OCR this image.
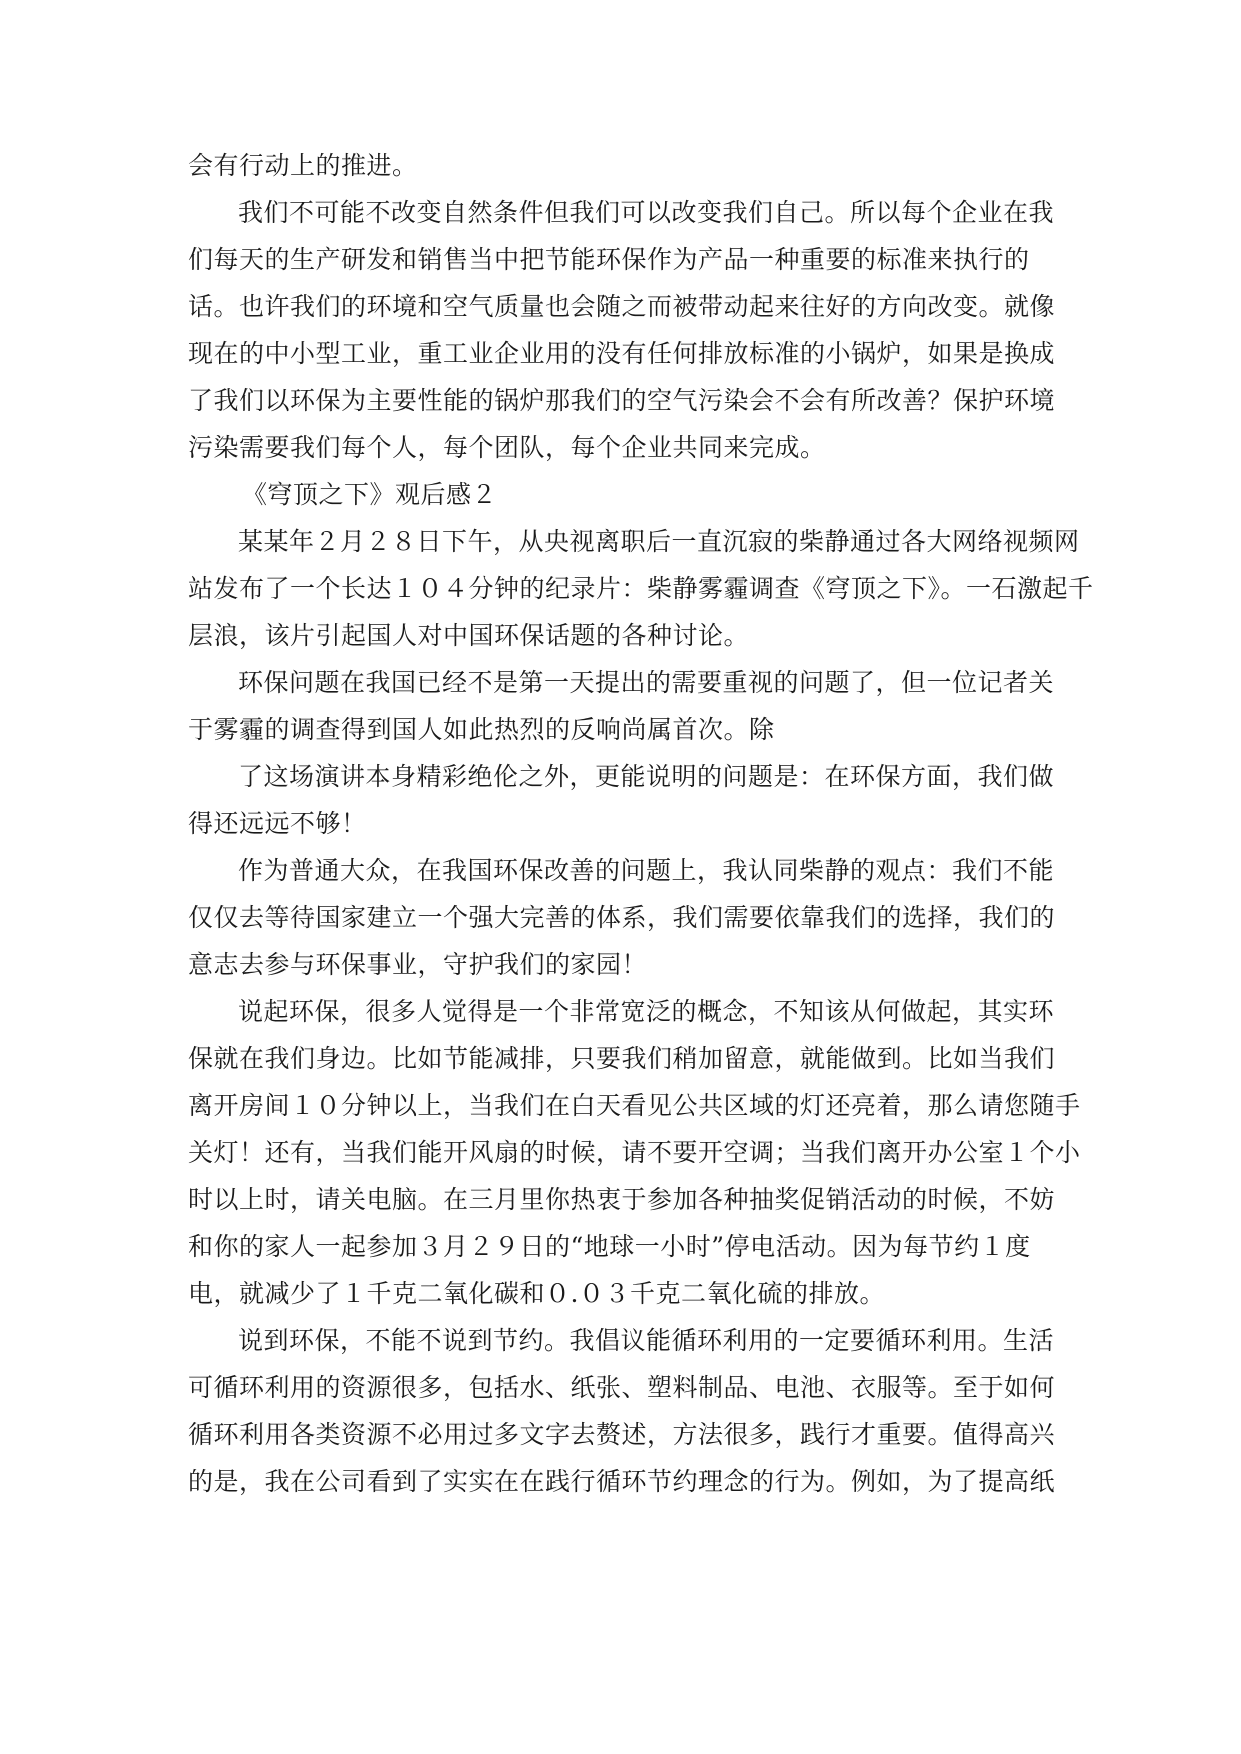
会有行动上的推进。
我们不可能不改变自然条件但我们可以改变我们自己。所以每个企业在我
们每天的生产研发和销售当中把节能环保作为产品一种重要的标准来执行的
话。也许我们的环境和空气质量也会随之而被带动起来往好的方向改变。就像
现在的中小型工业，重工业企业用的没有任何排放标准的小锅炉，如果是换成
了我们以环保为主要性能的锅炉那我们的空气污染会不会有所改善？保护环境
污染需要我们每个人，每个团队，每个企业共同来完成。
《穹顶之下》观后感２
某某年２月２８日下午，从央视离职后一直沉寂的柴静通过各大网络视频网
站发布了一个长达１０４分钟的纪录片：柴静雾霾调查《穹顶之下》。一石激起千
层浪，该片引起国人对中国环保话题的各种讨论。
环保问题在我国已经不是第一天提出的需要重视的问题了，但一位记者关
于雾霾的调查得到国人如此热烈的反响尚属首次。除
了这场演讲本身精彩绝伦之外，更能说明的问题是：在环保方面，我们做
得还远远不够！
作为普通大众，在我国环保改善的问题上，我认同柴静的观点：我们不能
仅仅去等待国家建立一个强大完善的体系，我们需要依靠我们的选择，我们的
意志去参与环保事业，守护我们的家园！
说起环保，很多人觉得是一个非常宽泛的概念，不知该从何做起，其实环
保就在我们身边。比如节能减排，只要我们稍加留意，就能做到。比如当我们
离开房间１０分钟以上，当我们在白天看见公共区域的灯还亮着，那么请您随手
关灯！还有，当我们能开风扇的时候，请不要开空调；当我们离开办公室１个小
时以上时，请关电脑。在三月里你热衷于参加各种抽奖促销活动的时候，不妨
和你的家人一起参加３月２９日的“地球一小时”停电活动。因为每节约１度
电，就减少了１千克二氧化碳和０.０３千克二氧化硫的排放。
说到环保，不能不说到节约。我倡议能循环利用的一定要循环利用。生活
可循环利用的资源很多，包括水、纸张、塑料制品、电池、衣服等。至于如何
循环利用各类资源不必用过多文字去赘述，方法很多，践行才重要。值得高兴
的是，我在公司看到了实实在在践行循环节约理念的行为。例如，为了提高纸
